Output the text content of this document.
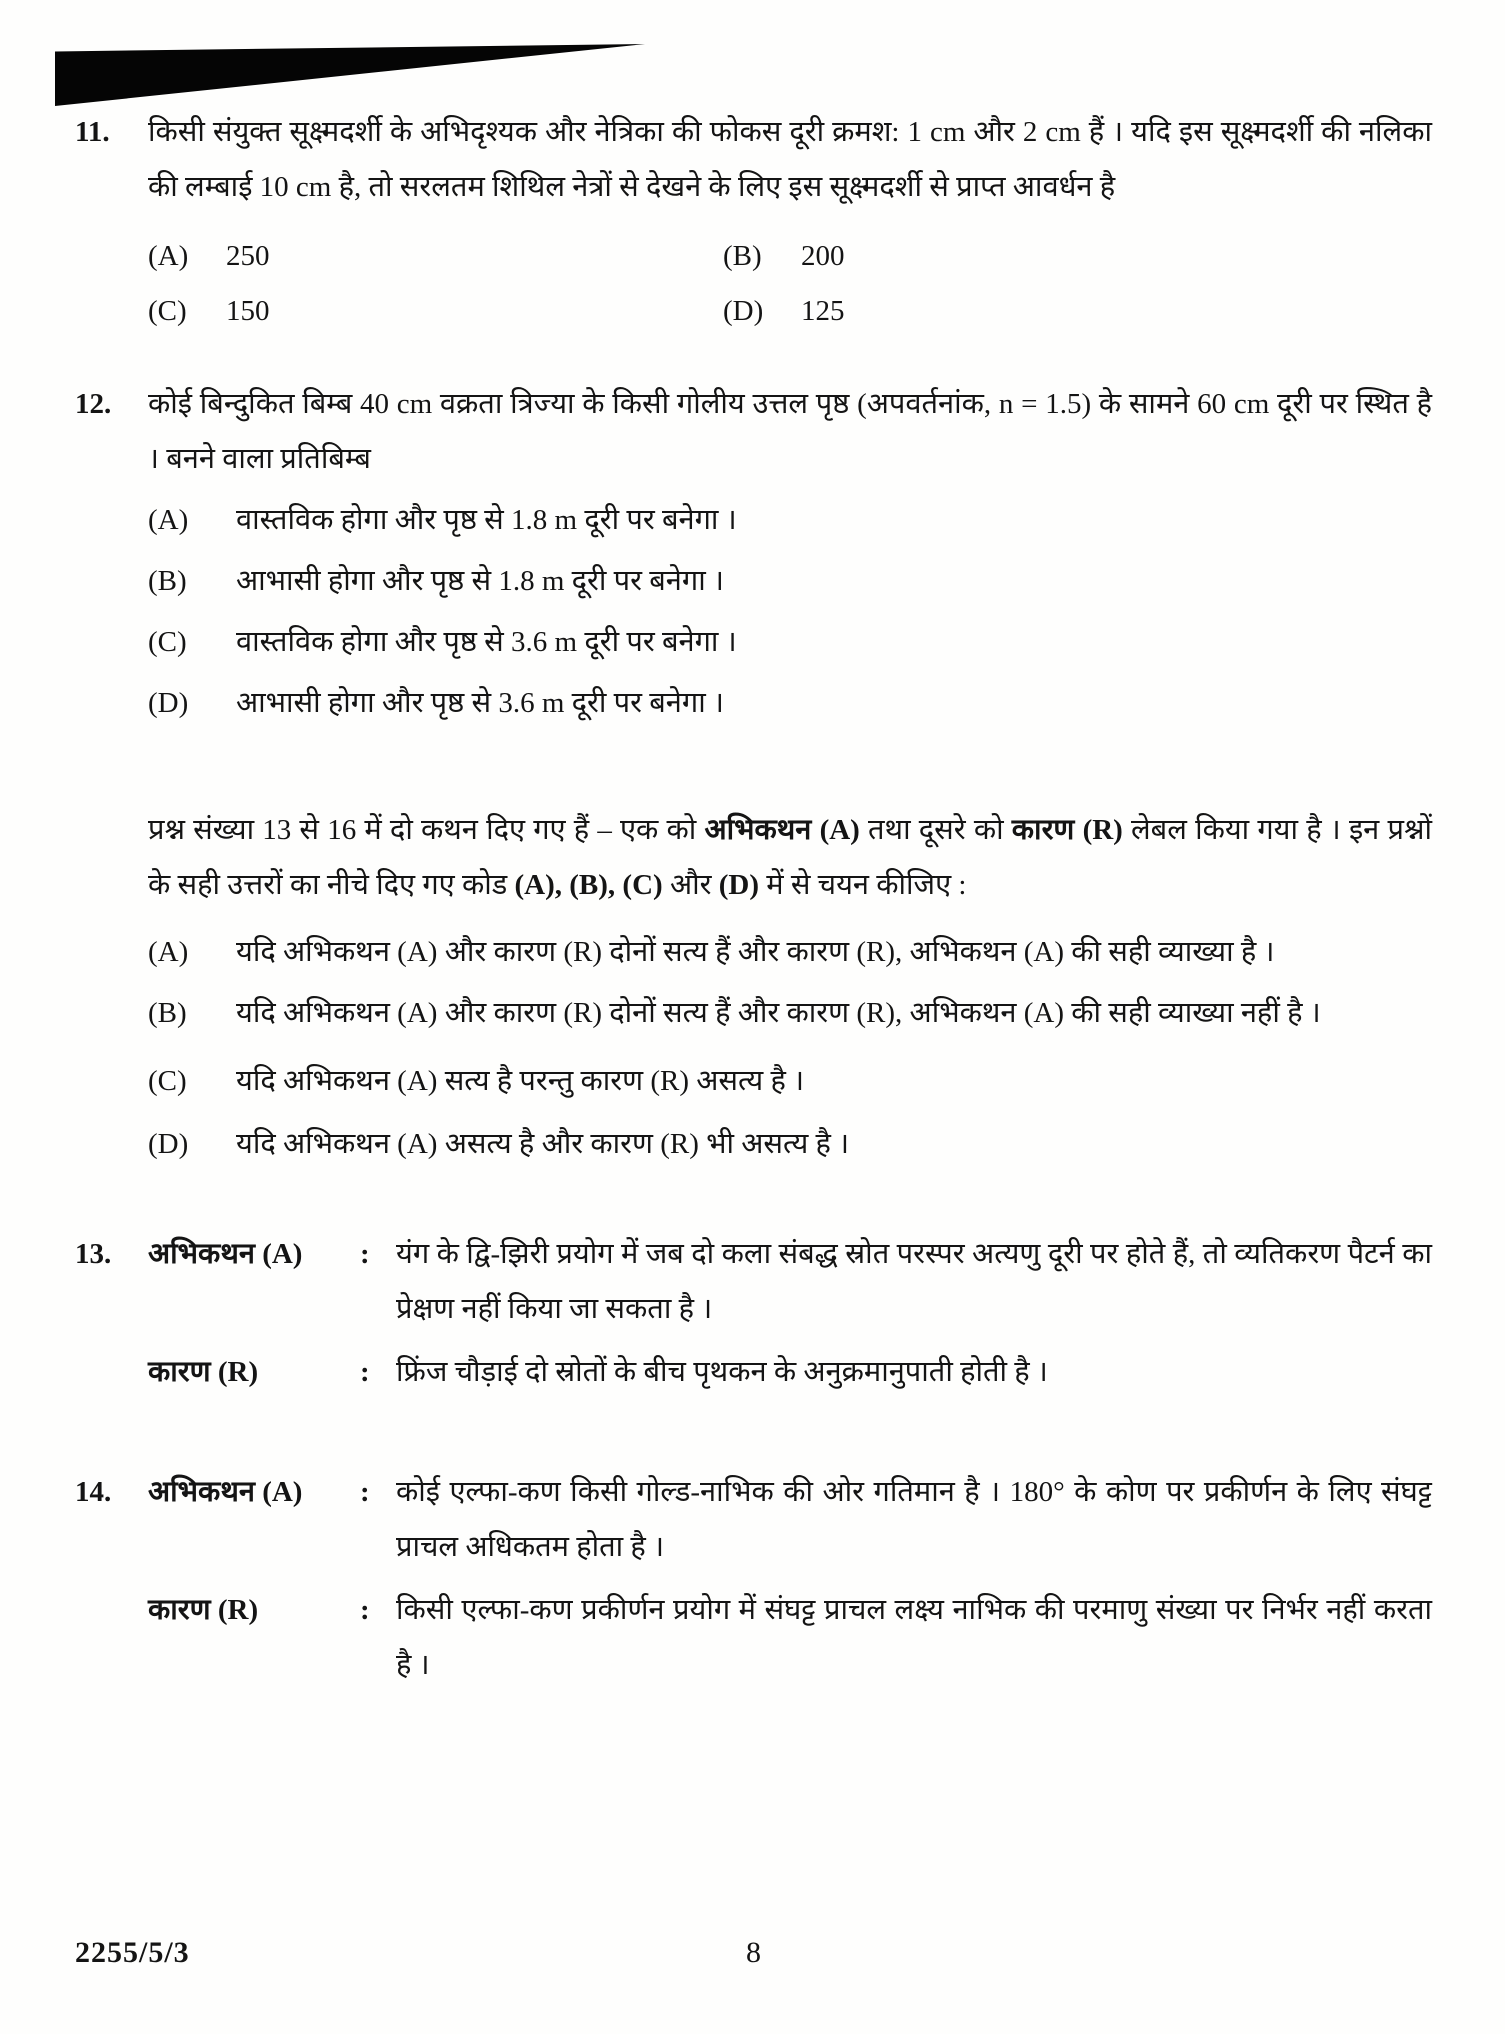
11.	किसी संयुक्त सूक्ष्मदर्शी के अभिदृश्यक और नेत्रिका की फोकस दूरी क्रमश: 1 cm और 2 cm हैं । यदि इस सूक्ष्मदर्शी की नलिका की लम्बाई 10 cm है, तो सरलतम शिथिल नेत्रों से देखने के लिए इस सूक्ष्मदर्शी से प्राप्त आवर्धन है

(A)	250	(B)	200
(C)	150	(D)	125
12.	कोई बिन्दुकित बिम्ब 40 cm वक्रता त्रिज्या के किसी गोलीय उत्तल पृष्ठ (अपवर्तनांक, n = 1.5) के सामने 60 cm दूरी पर स्थित है । बनने वाला प्रतिबिम्ब

(A)	वास्तविक होगा और पृष्ठ से 1.8 m दूरी पर बनेगा ।
(B)	आभासी होगा और पृष्ठ से 1.8 m दूरी पर बनेगा ।
(C)	वास्तविक होगा और पृष्ठ से 3.6 m दूरी पर बनेगा ।
(D)	आभासी होगा और पृष्ठ से 3.6 m दूरी पर बनेगा ।

प्रश्न संख्या 13 से 16 में दो कथन दिए गए हैं – एक को अभिकथन (A) तथा दूसरे को कारण (R) लेबल किया गया है । इन प्रश्नों के सही उत्तरों का नीचे दिए गए कोड (A), (B), (C) और (D) में से चयन कीजिए :

(A)	यदि अभिकथन (A) और कारण (R) दोनों सत्य हैं और कारण (R), अभिकथन (A) की सही व्याख्या है ।
(B)	यदि अभिकथन (A) और कारण (R) दोनों सत्य हैं और कारण (R), अभिकथन (A) की सही व्याख्या नहीं है ।
(C)	यदि अभिकथन (A) सत्य है परन्तु कारण (R) असत्य है ।
(D)	यदि अभिकथन (A) असत्य है और कारण (R) भी असत्य है ।
13.	अभिकथन (A)	: यंग के द्वि-झिरी प्रयोग में जब दो कला संबद्ध स्रोत परस्पर अत्यणु दूरी पर होते हैं, तो व्यतिकरण पैटर्न का प्रेक्षण नहीं किया जा सकता है ।
कारण (R)	: फ्रिंज चौड़ाई दो स्रोतों के बीच पृथकन के अनुक्रमानुपाती होती है ।
14.	अभिकथन (A)	: कोई एल्फा-कण किसी गोल्ड-नाभिक की ओर गतिमान है । 180° के कोण पर प्रकीर्णन के लिए संघट्ट प्राचल अधिकतम होता है ।
कारण (R)	: किसी एल्फा-कण प्रकीर्णन प्रयोग में संघट्ट प्राचल लक्ष्य नाभिक की परमाणु संख्या पर निर्भर नहीं करता है ।
2255/5/3	8
